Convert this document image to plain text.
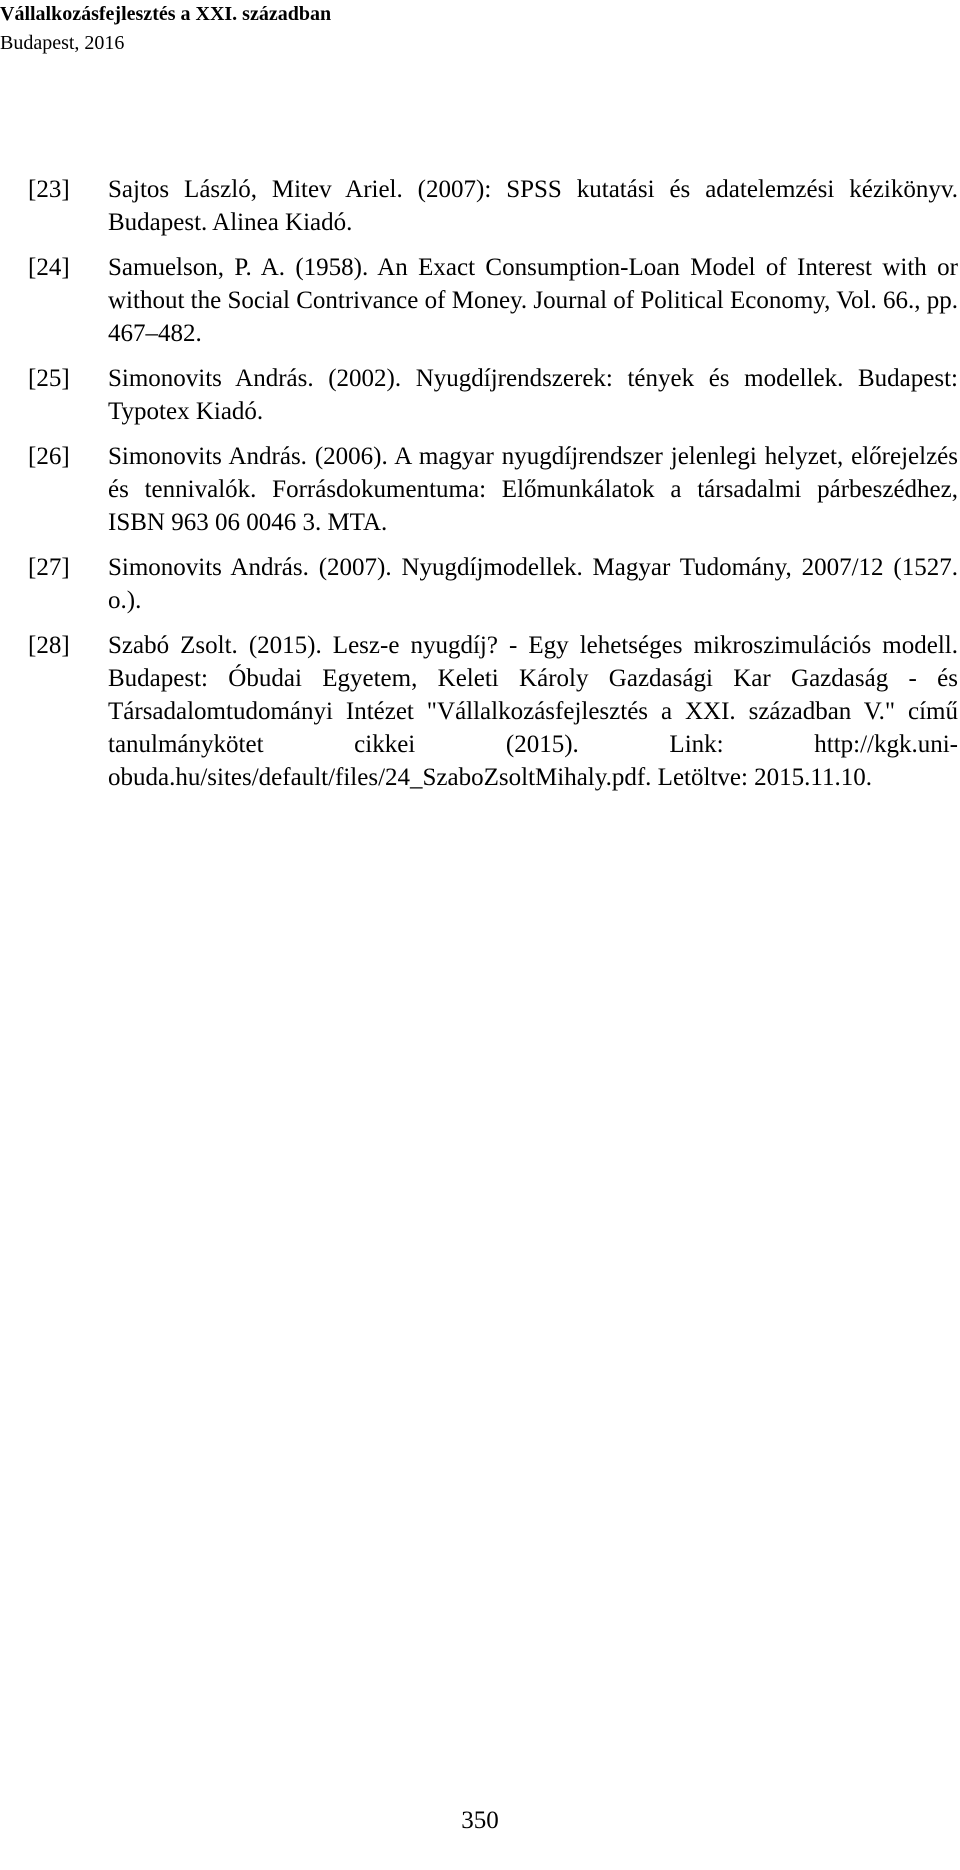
Vállalkozásfejlesztés a XXI. században
Budapest, 2016
[23] Sajtos László, Mitev Ariel. (2007): SPSS kutatási és adatelemzési kézikönyv. Budapest. Alinea Kiadó.
[24] Samuelson, P. A. (1958). An Exact Consumption-Loan Model of Interest with or without the Social Contrivance of Money. Journal of Political Economy, Vol. 66., pp. 467–482.
[25] Simonovits András. (2002). Nyugdíjrendszerek: tények és modellek. Budapest: Typotex Kiadó.
[26] Simonovits András. (2006). A magyar nyugdíjrendszer jelenlegi helyzet, előrejelzés és tennivalók. Forrásdokumentuma: Előmunkálatok a társadalmi párbeszédhez, ISBN 963 06 0046 3. MTA.
[27] Simonovits András. (2007). Nyugdíjmodellek. Magyar Tudomány, 2007/12 (1527. o.).
[28] Szabó Zsolt. (2015). Lesz-e nyugdíj? - Egy lehetséges mikroszimulációs modell. Budapest: Óbudai Egyetem, Keleti Károly Gazdasági Kar Gazdaság - és Társadalomtudományi Intézet "Vállalkozásfejlesztés a XXI. században V." című tanulmánykötet cikkei (2015). Link: http://kgk.uni-obuda.hu/sites/default/files/24_SzaboZsoltMihaly.pdf. Letöltve: 2015.11.10.
350
